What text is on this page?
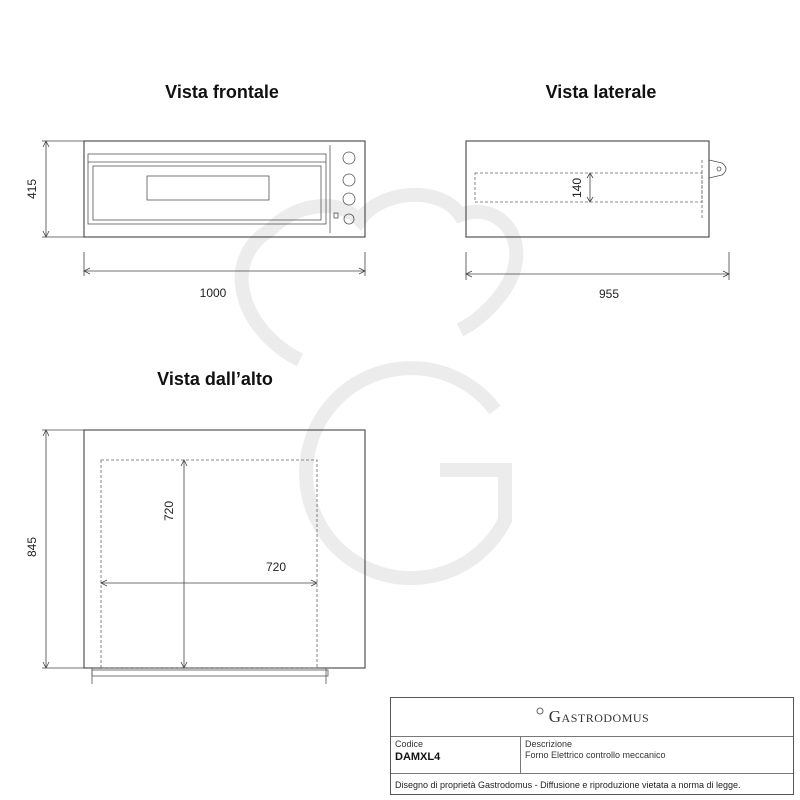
Vista frontale
415
1000
Vista laterale
140
955
Vista dall’alto
720
720
845
Gastrodomus
Codice
DAMXL4
Descrizione
Forno Elettrico controllo meccanico
Disegno di proprietà Gastrodomus - Diffusione e riproduzione vietata a norma di legge.
